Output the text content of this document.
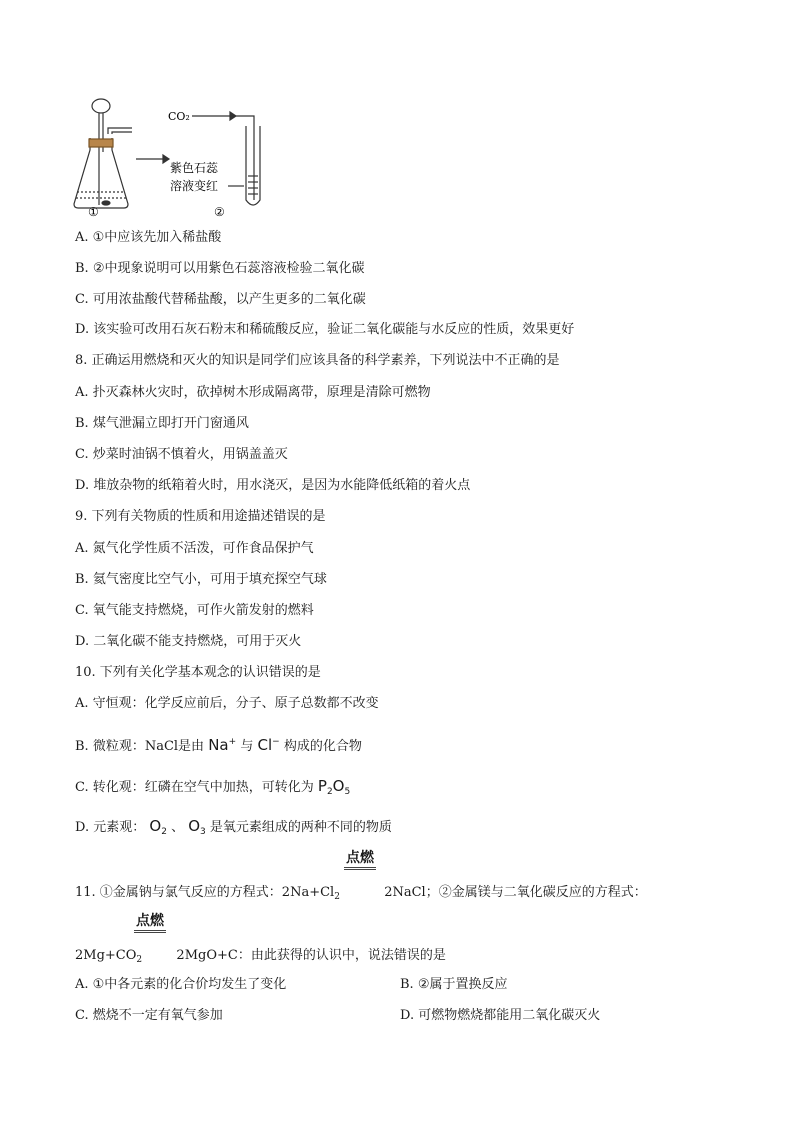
①
CO₂
紫色石蕊
溶液变红
②
A. ①中应该先加入稀盐酸
B. ②中现象说明可以用紫色石蕊溶液检验二氧化碳
C. 可用浓盐酸代替稀盐酸，以产生更多的二氧化碳
D. 该实验可改用石灰石粉末和稀硫酸反应，验证二氧化碳能与水反应的性质，效果更好
8. 正确运用燃烧和灭火的知识是同学们应该具备的科学素养，下列说法中不正确的是
A. 扑灭森林火灾时，砍掉树木形成隔离带，原理是清除可燃物
B. 煤气泄漏立即打开门窗通风
C. 炒菜时油锅不慎着火，用锅盖盖灭
D. 堆放杂物的纸箱着火时，用水浇灭，是因为水能降低纸箱的着火点
9. 下列有关物质的性质和用途描述错误的是
A. 氮气化学性质不活泼，可作食品保护气
B. 氦气密度比空气小，可用于填充探空气球
C. 氧气能支持燃烧，可作火箭发射的燃料
D. 二氧化碳不能支持燃烧，可用于灭火
10. 下列有关化学基本观念的认识错误的是
A. 守恒观：化学反应前后，分子、原子总数都不改变
B. 微粒观：NaCl是由 Na+ 与 Cl− 构成的化合物
C. 转化观：红磷在空气中加热，可转化为 $P_2O_5$
D. 元素观： $O_2$ 、 $O_3$ 是氧元素组成的两种不同的物质
点燃
11. ①金属钠与氯气反应的方程式：$2Na+Cl_2$	2NaCl；②金属镁与二氧化碳反应的方程式：
点燃
$2Mg+CO_2$	2MgO+C：由此获得的认识中，说法错误的是
A. ①中各元素的化合价均发生了变化	B. ②属于置换反应
C. 燃烧不一定有氧气参加	D. 可燃物燃烧都能用二氧化碳灭火
